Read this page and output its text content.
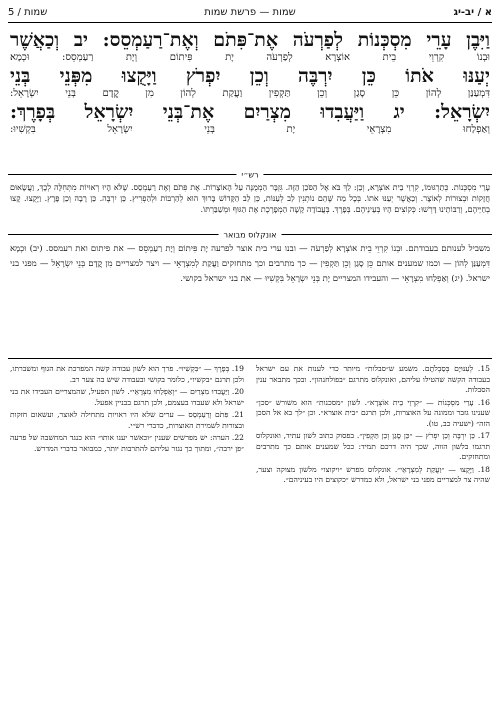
א / יב-יג
שמות — פרשת שמות
שמות / 5
וַיִּבֶן עָרֵי מִסְכְּנוֹת לְפַרְעֹה אֶת־פִּתֹם וְאֶת־רַעַמְסֵס: יב וְכַאֲשֶׁר
וּבְנוֹ קִרְוֵי בֵית אוֹצְרָא לְפַרְעֹה יָת פִּיתוֹם וְיָת רַעַמְסֵס: וּכְמָא
יְעַנּוּ אֹתוֹ כֵּן יִרְבֶּה וְכֵן יִפְרֹץ וַיָּקֻצוּ מִפְּנֵי בְּנֵי
דִּמְעַנַּן לְהוֹן כֵּן סָגַן וְכֵן תַּקְפִין וַעֲקַת לְהוֹן מִן קֳדָם בְּנֵי יִשְׂרָאֵל:
יִשְׂרָאֵל: יג וַיַּעֲבִדוּ מִצְרַיִם אֶת־בְּנֵי יִשְׂרָאֵל בְּפָרֶךְ:
וְאַפְלַחוּ מִצְרָאֵי יָת בְּנֵי יִשְׂרָאֵל בִּקְשִׁיוּ:
רש״י
עָרֵי מִסְכְּנוֹת. כְּתַרְגּוּמוֹ, קִרְוֵי בֵית אוֹצְרָא, וְכֵן: לֵךְ בֹּא אֶל הַסֹּכֵן הַזֶּה. גִּזְבָּר הַמְמֻנֶּה עַל הָאוֹצָרוֹת. אֶת פִּתֹם וְאֶת רַעַמְסֵס. שֶׁלֹּא הָיוּ רְאוּיוֹת מִתְּחִלָּה לְכָךְ, וַעֲשָׂאוּם חֲזָקוֹת וּבְצוּרוֹת לְאוֹצָר. וְכַאֲשֶׁר יְעַנּוּ אֹתוֹ. בְּכָל מַה שֶּׁהֵם נוֹתְנִין לֵב לְעַנּוֹת, כֵּן לֵב הַקָּדוֹשׁ בָּרוּךְ הוּא לְהַרְבּוֹת וּלְהַפְרִיץ. כֵּן יִרְבֶּה. כֵּן רָבָה וְכֵן פָּרָץ. וַיָּקֻצוּ. קָצוּ בְחַיֵּיהֶם, וְרַבּוֹתֵינוּ דָּרְשׁוּ: כְּקוֹצִים הָיוּ בְּעֵינֵיהֶם. בְּפָרֶךְ. בְּעֲבוֹדָה קָשָׁה הַמְפָרֶכֶת אֶת הַגּוּף וּמְשַׁבַּרְתּוֹ.
אונקלוס מבואר
משביל לענותם בעבודתם. וּבְנוֹ קִרְוֵי בֵית אוֹצְרָא לְפַרְעֹה — ובנו ערי בית אוצר לפרעה יָת פִּיתוֹם וְיָת רַעַמְסֵס — את פיתום ואת רעמסס. (יב) וּכְמָא דִּמְעַנַּן לְהוֹן — וכמו שמענים אותם כֵּן סָגַן וְכֵן תַּקְפִין — כך מתרבים וכך מתחזקים וַעֲקַת לְמִצְרָאֵי — ויצר למצריים מִן קֳדָם בְּנֵי יִשְׂרָאֵל — מפני בני ישראל. (יג) וְאַפְלַחוּ מִצְרָאֵי — והעבידו המצריים יָת בְּנֵי יִשְׂרָאֵל בִּקְשִׁיוּ — את בני ישראל בקושי.

15. לְעִנּוּיָם בְּסַבְלֹתָם. משמע ש״סבלות״ מיותר כדי לענות את עם ישראל בעבודה הקשה שהטילו עליהם, ואונקלוס מתרגם ״בפולחנהון״. ובכך מתבאר ענין הסבלות.

16. עָרֵי מִסְכְּנוֹת — ״קִרְוֵי בֵית אוֹצְרָא״. לשון ״מסכנות״ הוא משורש ״סכן״ שענינו גזבר וממונה על האוצרות, ולכן תרגם ״בית אוצרא״. וכן ״לך בא אל הסכן הזה״ (ישעיה כב, טו).

17. כֵּן יִרְבֶּה וְכֵן יִפְרֹץ — ״כֵּן סָגַן וְכֵן תַּקְפִין״. בפסוק כתוב לשון עתיד, ואונקלוס תרגמו בלשון הווה, שכך היה דרכם תמיד: ככל שמענים אותם כך מתרבים ומתחזקים.

18. וַיָּקֻצוּ — ״וַעֲקַת לְמִצְרָאֵי״. אונקלוס מפרש ״ויקוצו״ מלשון מצוקה וצער, שהיה צר למצריים מפני בני ישראל, ולא כמדרש ״כקוצים היו בעיניהם״.

19. בְּפָרֶךְ — ״בִּקְשִׁיוּ״. פרך הוא לשון עבודה קשה המפרכת את הגוף ומשברתו, ולכן תרגם ״בקשיו״, כלומר בקושי ובעבודה שיש בה צער רב.

20. וַיַּעֲבִדוּ מִצְרַיִם — ״וְאַפְלַחוּ מִצְרָאֵי״. לשון הפעיל, שהמצריים העבידו את בני ישראל ולא שעבדו בעצמם, ולכן תרגם בבניין אפעל.

21. פִּתֹם וְרַעַמְסֵס — ערים שלא היו ראויות מתחילה לאוצר, ועשאום חזקות ובצורות לשמירת האוצרות, כדברי רש״י.

22. הערה: יש מפרשים שענין ״וכאשר יענו אותו״ הוא כנגד המחשבה של פרעה ״פן ירבה״, ומתוך כך נגזר עליהם להתרבות יותר, כמבואר בדברי המדרש.
